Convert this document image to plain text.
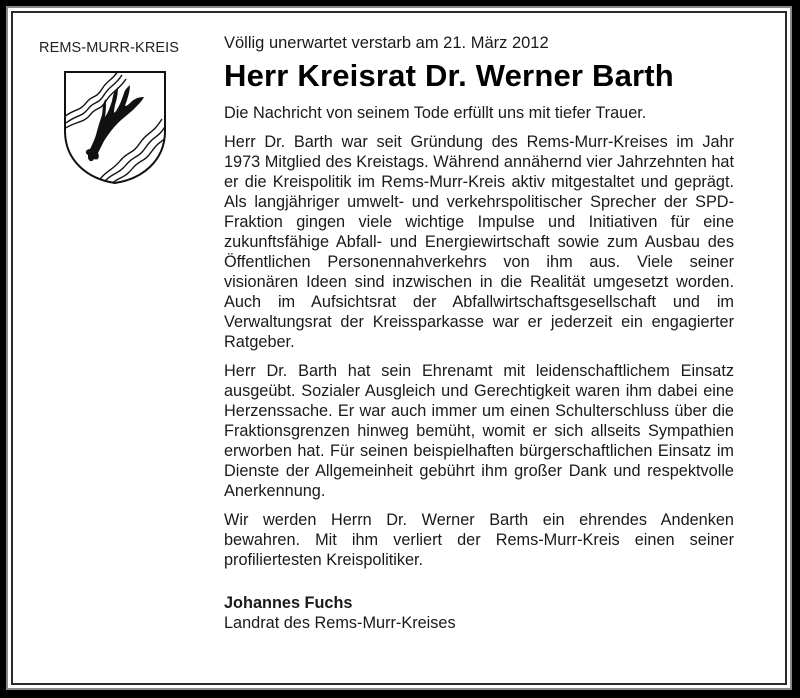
REMS-MURR-KREIS	Völlig unerwartet verstarb am 21. März 2012

Herr Kreisrat Dr. Werner Barth

Die Nachricht von seinem Tode erfüllt uns mit tiefer Trauer.

Herr Dr. Barth war seit Gründung des Rems-Murr-Kreises im Jahr 1973 Mitglied des Kreistags. Während annähernd vier Jahrzehnten hat er die Kreispolitik im Rems-Murr-Kreis aktiv mitgestaltet und geprägt. Als langjähriger umwelt- und verkehrspolitischer Sprecher der SPD-Fraktion gingen viele wichtige Impulse und Initiativen für eine zukunftsfähige Abfall- und Energiewirtschaft sowie zum Ausbau des Öffentlichen Personennahverkehrs von ihm aus. Viele seiner visionären Ideen sind inzwischen in die Realität umgesetzt worden. Auch im Aufsichtsrat der Abfallwirtschaftsgesellschaft und im Verwaltungsrat der Kreissparkasse war er jederzeit ein engagierter Ratgeber.

Herr Dr. Barth hat sein Ehrenamt mit leidenschaftlichem Einsatz ausgeübt. Sozialer Ausgleich und Gerechtigkeit waren ihm dabei eine Herzenssache. Er war auch immer um einen Schulterschluss über die Fraktionsgrenzen hinweg bemüht, womit er sich allseits Sympathien erworben hat. Für seinen beispielhaften bürgerschaftlichen Einsatz im Dienste der Allgemeinheit gebührt ihm großer Dank und respektvolle Anerkennung.

Wir werden Herrn Dr. Werner Barth ein ehrendes Andenken bewahren. Mit ihm verliert der Rems-Murr-Kreis einen seiner profiliertesten Kreispolitiker.

Johannes Fuchs
Landrat des Rems-Murr-Kreises
